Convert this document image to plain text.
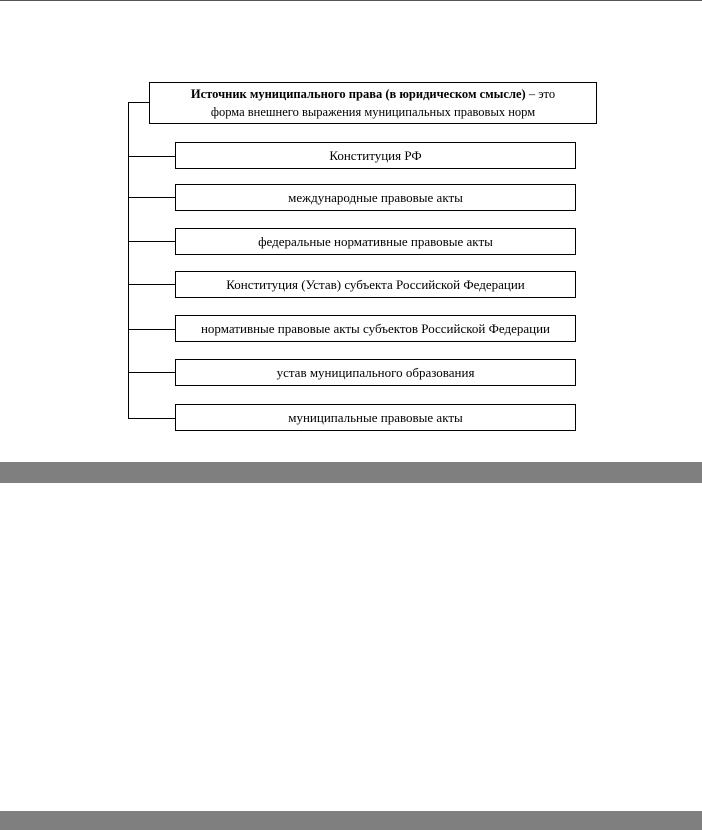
Источник муниципального права (в юридическом смысле) – это
форма внешнего выражения муниципальных правовых норм
Конституция РФ
международные правовые акты
федеральные нормативные правовые акты
Конституция (Устав) субъекта Российской Федерации
нормативные правовые акты субъектов Российской Федерации
устав муниципального образования
муниципальные правовые акты
